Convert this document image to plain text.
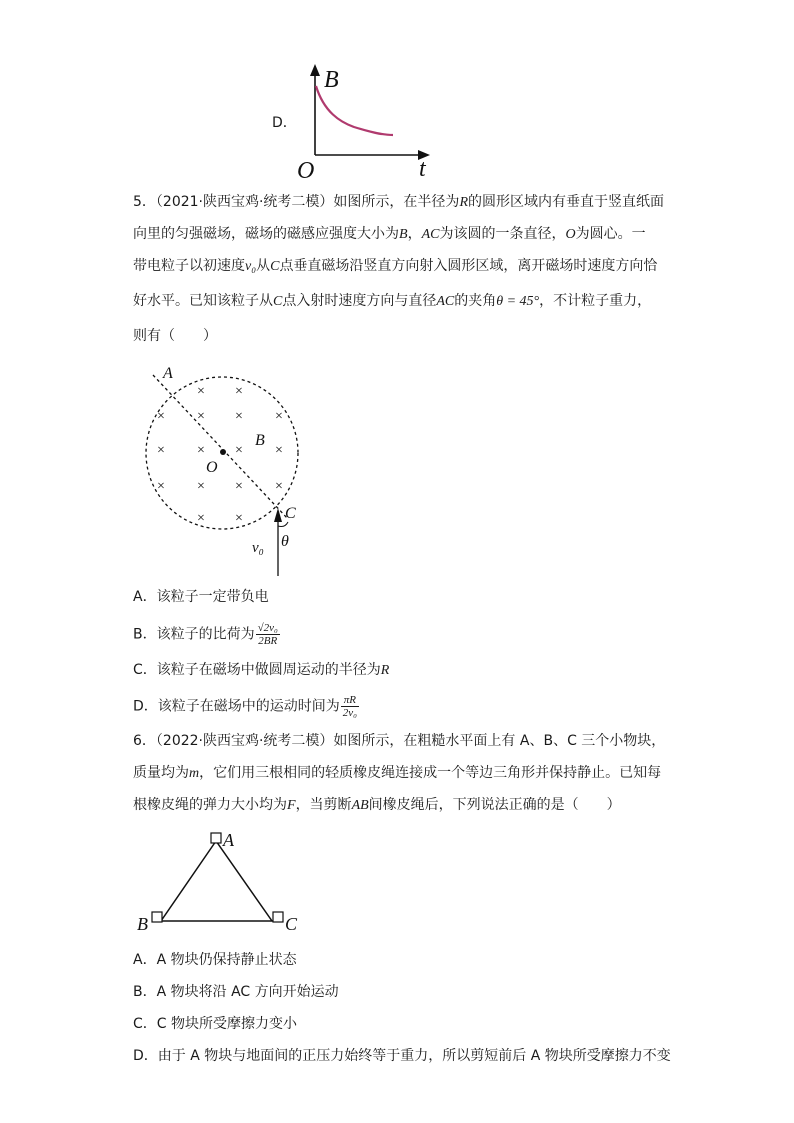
D．
B
t
O
5．（2021·陕西宝鸡·统考二模）如图所示，在半径为R的圆形区域内有垂直于竖直纸面
向里的匀强磁场，磁场的磁感应强度大小为B，AC为该圆的一条直径，O为圆心。一
带电粒子以初速度v₀从C点垂直磁场沿竖直方向射入圆形区域，离开磁场时速度方向恰
好水平。已知该粒子从C点入射时速度方向与直径AC的夹角θ = 45°，不计粒子重力，
则有（　　）
× ×
× × ×
×
× × × ×
× × × ×
× ×
A
B
O
C
v₀ θ
A．该粒子一定带负电
B．该粒子的比荷为 $\frac{\text{√2v₀}}{2BR}$
C．该粒子在磁场中做圆周运动的半径为R
D．该粒子在磁场中的运动时间为 $\frac{\pi R}{\text{2v₀}}$
6．（2022·陕西宝鸡·统考二模）如图所示，在粗糙水平面上有 A、B、C 三个小物块，
质量均为m，它们用三根相同的轻质橡皮绳连接成一个等边三角形并保持静止。已知每
根橡皮绳的弹力大小均为F，当剪断AB间橡皮绳后，下列说法正确的是（　　）
A
B	C
A．A 物块仍保持静止状态
B．A 物块将沿 AC 方向开始运动
C．C 物块所受摩擦力变小
D．由于 A 物块与地面间的正压力始终等于重力，所以剪短前后 A 物块所受摩擦力不变
